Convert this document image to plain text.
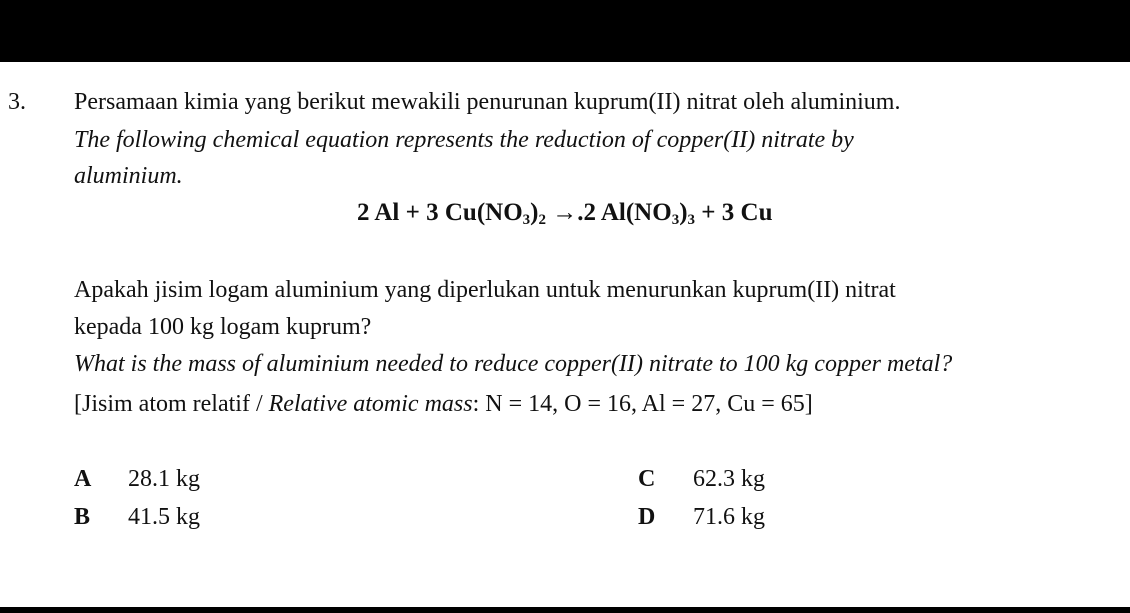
3. Persamaan kimia yang berikut mewakili penurunan kuprum(II) nitrat oleh aluminium.
The following chemical equation represents the reduction of copper(II) nitrate by
aluminium.
2 Al + 3 $Cu(NO_3)_2 \to.2$ $Al(NO_3)_3 + 3$ Cu
Apakah jisim logam aluminium yang diperlukan untuk menurunkan kuprum(II) nitrat
kepada 100 kg logam kuprum?
What is the mass of aluminium needed to reduce copper(II) nitrate to 100 kg copper metal?
[Jisim atom relatif / Relative atomic mass: N = 14, O = 16, Al = 27, Cu = 65]
A 28.1 kg
B 41.5 kg
C 62.3 kg
D 71.6 kg
